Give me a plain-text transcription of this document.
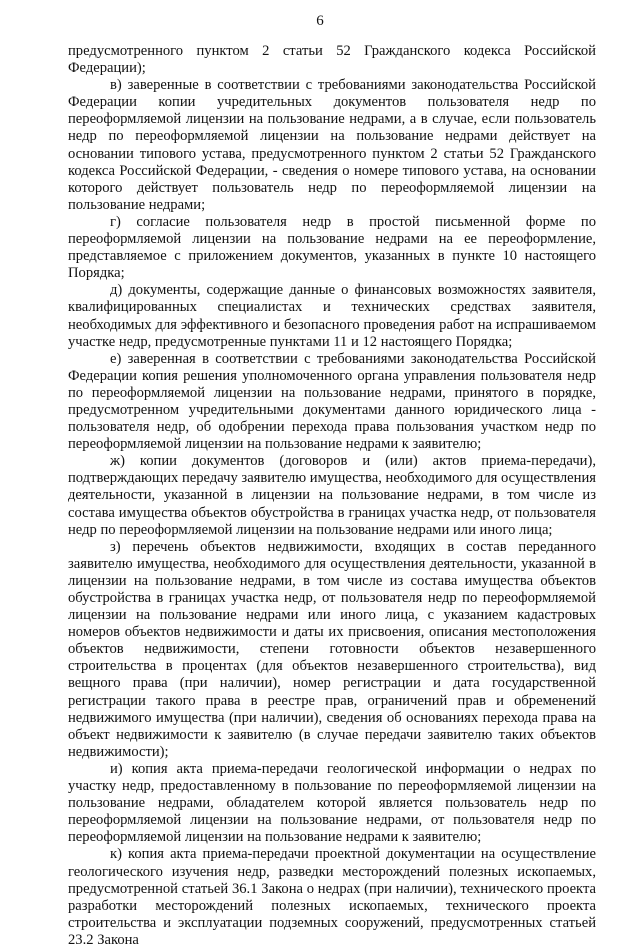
6

предусмотренного пунктом 2 статьи 52 Гражданского кодекса Российской Федерации);

в) заверенные в соответствии с требованиями законодательства Российской Федерации копии учредительных документов пользователя недр по переоформляемой лицензии на пользование недрами, а в случае, если пользователь недр по переоформляемой лицензии на пользование недрами действует на основании типового устава, предусмотренного пунктом 2 статьи 52 Гражданского кодекса Российской Федерации, - сведения о номере типового устава, на основании которого действует пользователь недр по переоформляемой лицензии на пользование недрами;

г) согласие пользователя недр в простой письменной форме по переоформляемой лицензии на пользование недрами на ее переоформление, представляемое с приложением документов, указанных в пункте 10 настоящего Порядка;

д) документы, содержащие данные о финансовых возможностях заявителя, квалифицированных специалистах и технических средствах заявителя, необходимых для эффективного и безопасного проведения работ на испрашиваемом участке недр, предусмотренные пунктами 11 и 12 настоящего Порядка;

е) заверенная в соответствии с требованиями законодательства Российской Федерации копия решения уполномоченного органа управления пользователя недр по переоформляемой лицензии на пользование недрами, принятого в порядке, предусмотренном учредительными документами данного юридического лица - пользователя недр, об одобрении перехода права пользования участком недр по переоформляемой лицензии на пользование недрами к заявителю;

ж) копии документов (договоров и (или) актов приема-передачи), подтверждающих передачу заявителю имущества, необходимого для осуществления деятельности, указанной в лицензии на пользование недрами, в том числе из состава имущества объектов обустройства в границах участка недр, от пользователя недр по переоформляемой лицензии на пользование недрами или иного лица;

з) перечень объектов недвижимости, входящих в состав переданного заявителю имущества, необходимого для осуществления деятельности, указанной в лицензии на пользование недрами, в том числе из состава имущества объектов обустройства в границах участка недр, от пользователя недр по переоформляемой лицензии на пользование недрами или иного лица, с указанием кадастровых номеров объектов недвижимости и даты их присвоения, описания местоположения объектов недвижимости, степени готовности объектов незавершенного строительства в процентах (для объектов незавершенного строительства), вид вещного права (при наличии), номер регистрации и дата государственной регистрации такого права в реестре прав, ограничений прав и обременений недвижимого имущества (при наличии), сведения об основаниях перехода права на объект недвижимости к заявителю (в случае передачи заявителю таких объектов недвижимости);

и) копия акта приема-передачи геологической информации о недрах по участку недр, предоставленному в пользование по переоформляемой лицензии на пользование недрами, обладателем которой является пользователь недр по переоформляемой лицензии на пользование недрами, от пользователя недр по переоформляемой лицензии на пользование недрами к заявителю;

к) копия акта приема-передачи проектной документации на осуществление геологического изучения недр, разведки месторождений полезных ископаемых, предусмотренной статьей 36.1 Закона о недрах (при наличии), технического проекта разработки месторождений полезных ископаемых, технического проекта строительства и эксплуатации подземных сооружений, предусмотренных статьей 23.2 Закона
